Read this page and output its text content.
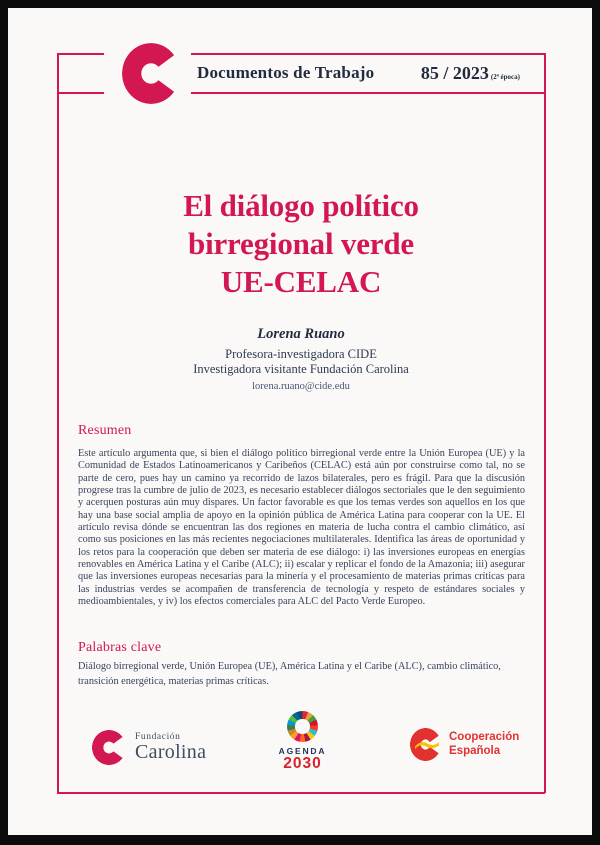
Documentos de Trabajo	85 / 2023 (2ª época)
El diálogo político
birregional verde
UE-CELAC
Lorena Ruano
Profesora-investigadora CIDE
Investigadora visitante Fundación Carolina
lorena.ruano@cide.edu
Resumen

Este artículo argumenta que, si bien el diálogo político birregional verde entre la Unión Europea (UE) y la Comunidad de Estados Latinoamericanos y Caribeños (CELAC) está aún por construirse como tal, no se parte de cero, pues hay un camino ya recorrido de lazos bilaterales, pero es frágil. Para que la discusión progrese tras la cumbre de julio de 2023, es necesario establecer diálogos sectoriales que le den seguimiento y acerquen posturas aún muy dispares. Un factor favorable es que los temas verdes son aquellos en los que hay una base social amplia de apoyo en la opinión pública de América Latina para cooperar con la UE. El artículo revisa dónde se encuentran las dos regiones en materia de lucha contra el cambio climático, así como sus posiciones en las más recientes negociaciones multilaterales. Identifica las áreas de oportunidad y los retos para la cooperación que deben ser materia de ese diálogo: i) las inversiones europeas en energías renovables en América Latina y el Caribe (ALC); ii) escalar y replicar el fondo de la Amazonia; iii) asegurar que las inversiones europeas necesarias para la minería y el procesamiento de materias primas críticas para las industrias verdes se acompañen de transferencia de tecnología y respeto de estándares sociales y medioambientales, y iv) los efectos comerciales para ALC del Pacto Verde Europeo.

Palabras clave

Diálogo birregional verde, Unión Europea (UE), América Latina y el Caribe (ALC), cambio climático, transición energética, materias primas críticas.

Fundación
Carolina	AGENDA
2030
Cooperación
Española
